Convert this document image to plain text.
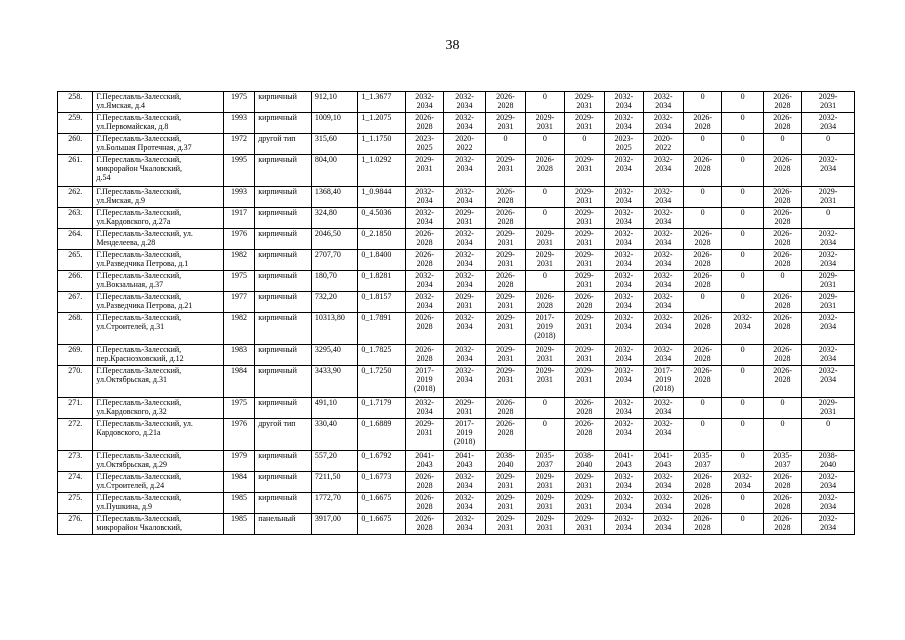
38
258.	Г.Переславль-Залесский,
ул.Ямская, д.4	1975	кирпичный	912,10	1_1.3677	2032-
2034	2032-
2034	2026-
2028	0	2029-
2031	2032-
2034	2032-
2034	0	0	2026-
2028	2029-
2031
259.	Г.Переславль-Залесский,
ул.Первомайская, д.8	1993	кирпичный	1009,10	1_1.2075	2026-
2028	2032-
2034	2029-
2031	2029-
2031	2029-
2031	2032-
2034	2032-
2034	2026-
2028	0	2026-
2028	2032-
2034
260.	Г.Переславль-Залесский,
ул.Большая Протечная, д.37	1972	другой тип	315,60	1_1.1750	2023-
2025	2020-
2022	0	0	0	2023-
2025	2020-
2022	0	0	0	0
261.	Г.Переславль-Залесский,
микрорайон Чкаловский,
д.54	1995	кирпичный	804,00	1_1.0292	2029-
2031	2032-
2034	2029-
2031	2026-
2028	2029-
2031	2032-
2034	2032-
2034	2026-
2028	0	2026-
2028	2032-
2034
262.	Г.Переславль-Залесский,
ул.Ямская, д.9	1993	кирпичный	1368,40	1_0.9844	2032-
2034	2032-
2034	2026-
2028	0	2029-
2031	2032-
2034	2032-
2034	0	0	2026-
2028	2029-
2031
263.	Г.Переславль-Залесский,
ул.Кардовского, д.27а	1917	кирпичный	324,80	0_4.5036	2032-
2034	2029-
2031	2026-
2028	0	2029-
2031	2032-
2034	2032-
2034	0	0	2026-
2028	0
264.	Г.Переславль-Залесский, ул.
Менделеева, д.28	1976	кирпичный	2046,50	0_2.1850	2026-
2028	2032-
2034	2029-
2031	2029-
2031	2029-
2031	2032-
2034	2032-
2034	2026-
2028	0	2026-
2028	2032-
2034
265.	Г.Переславль-Залесский,
ул.Разведчика Петрова, д.1	1982	кирпичный	2707,70	0_1.8400	2026-
2028	2032-
2034	2029-
2031	2029-
2031	2029-
2031	2032-
2034	2032-
2034	2026-
2028	0	2026-
2028	2032-
2034
266.	Г.Переславль-Залесский,
ул.Вокзальная, д.37	1975	кирпичный	180,70	0_1.8281	2032-
2034	2032-
2034	2026-
2028	0	2029-
2031	2032-
2034	2032-
2034	2026-
2028	0	0	2029-
2031
267.	Г.Переславль-Залесский,
ул.Разведчика Петрова, д.21	1977	кирпичный	732,20	0_1.8157	2032-
2034	2029-
2031	2029-
2031	2026-
2028	2026-
2028	2032-
2034	2032-
2034	0	0	2026-
2028	2029-
2031
268.	Г.Переславль-Залесский,
ул.Строителей, д.31	1982	кирпичный	10313,80	0_1.7891	2026-
2028	2032-
2034	2029-
2031	2017-
2019
(2018)	2029-
2031	2032-
2034	2032-
2034	2026-
2028	2032-
2034	2026-
2028	2032-
2034
269.	Г.Переславль-Залесский,
пер.Красноэховский, д.12	1983	кирпичный	3295,40	0_1.7825	2026-
2028	2032-
2034	2029-
2031	2029-
2031	2029-
2031	2032-
2034	2032-
2034	2026-
2028	0	2026-
2028	2032-
2034
270.	Г.Переславль-Залесский,
ул.Октябрьская, д.31	1984	кирпичный	3433,90	0_1.7250	2017-
2019
(2018)	2032-
2034	2029-
2031	2029-
2031	2029-
2031	2032-
2034	2017-
2019
(2018)	2026-
2028	0	2026-
2028	2032-
2034
271.	Г.Переславль-Залесский,
ул.Кардовского, д.32	1975	кирпичный	491,10	0_1.7179	2032-
2034	2029-
2031	2026-
2028	0	2026-
2028	2032-
2034	2032-
2034	0	0	0	2029-
2031
272.	Г.Переславль-Залесский, ул.
Кардовского, д.21а	1976	другой тип	330,40	0_1.6889	2029-
2031	2017-
2019
(2018)	2026-
2028	0	2026-
2028	2032-
2034	2032-
2034	0	0	0	0
273.	Г.Переславль-Залесский,
ул.Октябрьская, д.29	1979	кирпичный	557,20	0_1.6792	2041-
2043	2041-
2043	2038-
2040	2035-
2037	2038-
2040	2041-
2043	2041-
2043	2035-
2037	0	2035-
2037	2038-
2040
274.	Г.Переславль-Залесский,
ул.Строителей, д.24	1984	кирпичный	7211,50	0_1.6773	2026-
2028	2032-
2034	2029-
2031	2029-
2031	2029-
2031	2032-
2034	2032-
2034	2026-
2028	2032-
2034	2026-
2028	2032-
2034
275.	Г.Переславль-Залесский,
ул.Пушкина, д.9	1985	кирпичный	1772,70	0_1.6675	2026-
2028	2032-
2034	2029-
2031	2029-
2031	2029-
2031	2032-
2034	2032-
2034	2026-
2028	0	2026-
2028	2032-
2034
276.	Г.Переславль-Залесский,
микрорайон Чкаловский,	1985	панельный	3917,00	0_1.6675	2026-
2028	2032-
2034	2029-
2031	2029-
2031	2029-
2031	2032-
2034	2032-
2034	2026-
2028	0	2026-
2028	2032-
2034
